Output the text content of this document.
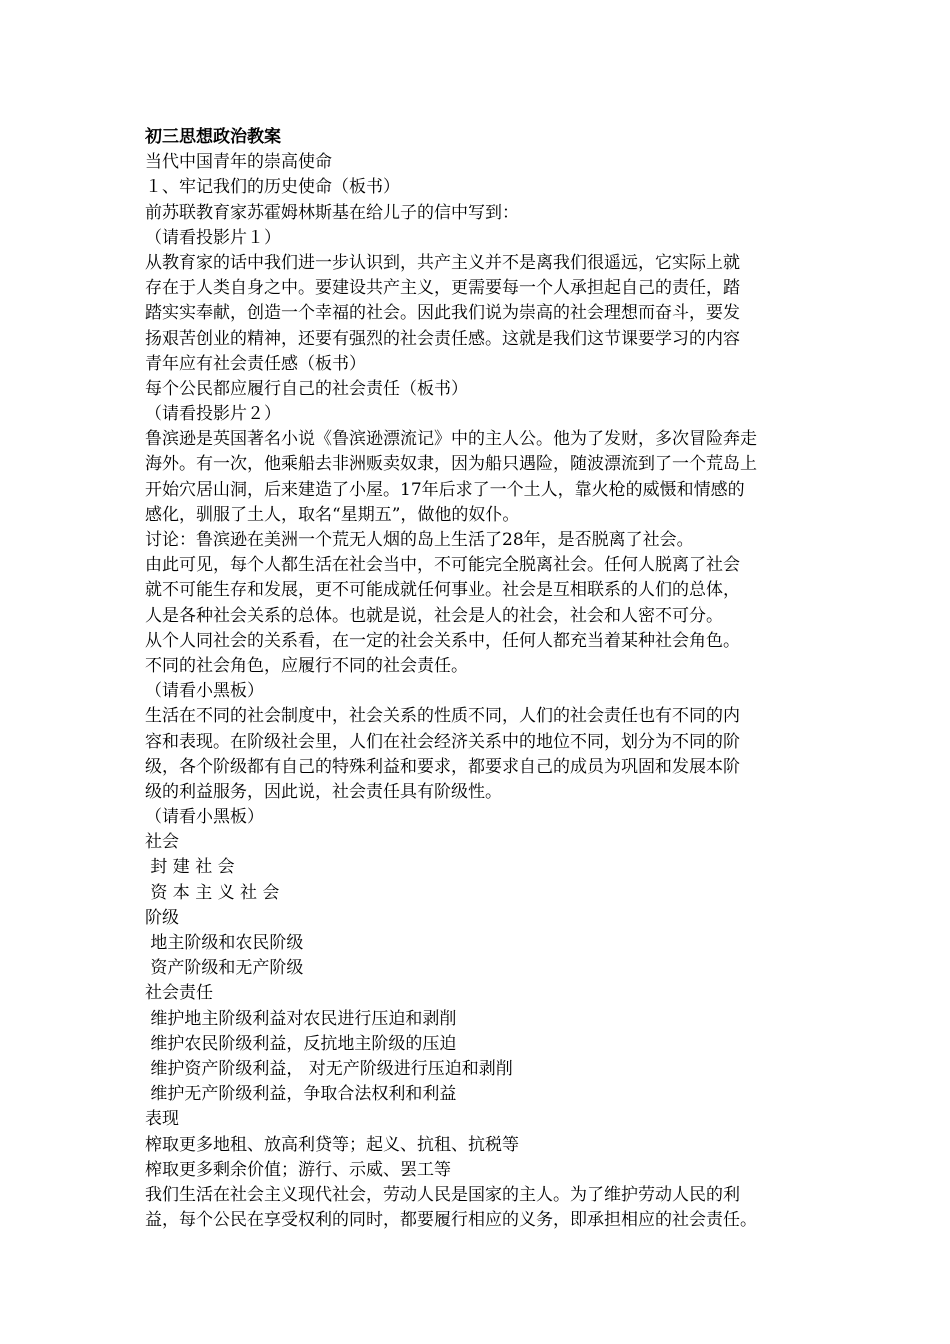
初三思想政治教案
当代中国青年的崇高使命
１、牢记我们的历史使命（板书）
前苏联教育家苏霍姆林斯基在给儿子的信中写到：
（请看投影片１）
从教育家的话中我们进一步认识到，共产主义并不是离我们很遥远，它实际上就
存在于人类自身之中。要建设共产主义，更需要每一个人承担起自己的责任，踏
踏实实奉献，创造一个幸福的社会。因此我们说为崇高的社会理想而奋斗，要发
扬艰苦创业的精神，还要有强烈的社会责任感。这就是我们这节课要学习的内容
青年应有社会责任感（板书）
每个公民都应履行自己的社会责任（板书）
（请看投影片２）
鲁滨逊是英国著名小说《鲁滨逊漂流记》中的主人公。他为了发财，多次冒险奔走
海外。有一次，他乘船去非洲贩卖奴隶，因为船只遇险，随波漂流到了一个荒岛上
开始穴居山洞，后来建造了小屋。17年后求了一个土人，靠火枪的威慑和情感的
感化，驯服了土人，取名“星期五”，做他的奴仆。
讨论：鲁滨逊在美洲一个荒无人烟的岛上生活了28年，是否脱离了社会。
由此可见，每个人都生活在社会当中，不可能完全脱离社会。任何人脱离了社会
就不可能生存和发展，更不可能成就任何事业。社会是互相联系的人们的总体，
人是各种社会关系的总体。也就是说，社会是人的社会，社会和人密不可分。
从个人同社会的关系看，在一定的社会关系中，任何人都充当着某种社会角色。
不同的社会角色，应履行不同的社会责任。
（请看小黑板）
生活在不同的社会制度中，社会关系的性质不同，人们的社会责任也有不同的内
容和表现。在阶级社会里，人们在社会经济关系中的地位不同，划分为不同的阶
级，各个阶级都有自己的特殊利益和要求，都要求自己的成员为巩固和发展本阶
级的利益服务，因此说，社会责任具有阶级性。
（请看小黑板）
社会
封 建 社 会
资 本 主 义 社 会
阶级
地主阶级和农民阶级
资产阶级和无产阶级
社会责任
维护地主阶级利益对农民进行压迫和剥削
维护农民阶级利益，反抗地主阶级的压迫
维护资产阶级利益， 对无产阶级进行压迫和剥削
维护无产阶级利益，争取合法权利和利益
表现
榨取更多地租、放高利贷等；起义、抗租、抗税等
榨取更多剩余价值；游行、示威、罢工等
我们生活在社会主义现代社会，劳动人民是国家的主人。为了维护劳动人民的利
益，每个公民在享受权利的同时，都要履行相应的义务，即承担相应的社会责任。
